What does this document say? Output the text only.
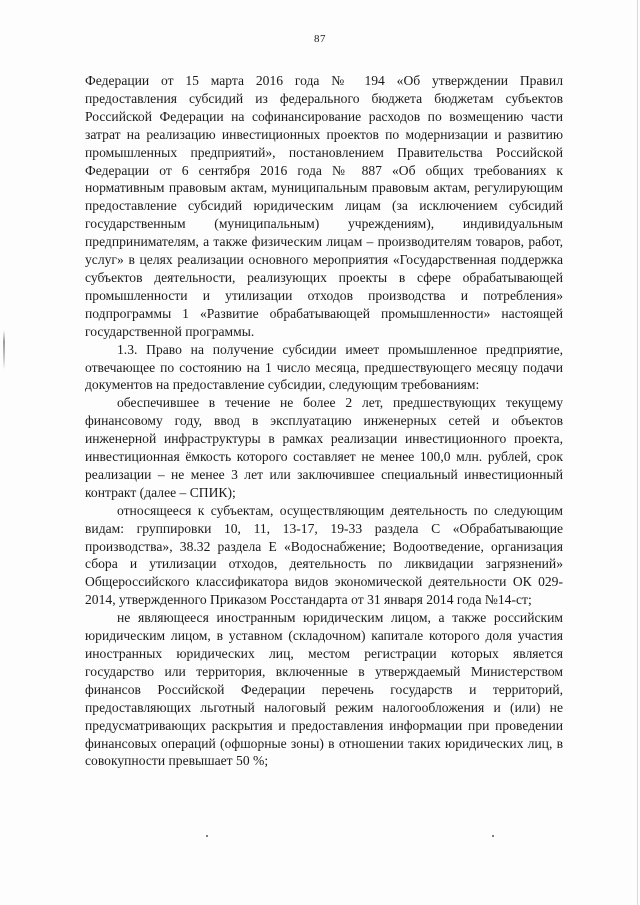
87

Федерации от 15 марта 2016 года № 194 «Об утверждении Правил предоставления субсидий из федерального бюджета бюджетам субъектов Российской Федерации на софинансирование расходов по возмещению части затрат на реализацию инвестиционных проектов по модернизации и развитию промышленных предприятий», постановлением Правительства Российской Федерации от 6 сентября 2016 года № 887 «Об общих требованиях к нормативным правовым актам, муниципальным правовым актам, регулирующим предоставление субсидий юридическим лицам (за исключением субсидий государственным (муниципальным) учреждениям), индивидуальным предпринимателям, а также физическим лицам – производителям товаров, работ, услуг» в целях реализации основного мероприятия «Государственная поддержка субъектов деятельности, реализующих проекты в сфере обрабатывающей промышленности и утилизации отходов производства и потребления» подпрограммы 1 «Развитие обрабатывающей промышленности» настоящей государственной программы.

1.3. Право на получение субсидии имеет промышленное предприятие, отвечающее по состоянию на 1 число месяца, предшествующего месяцу подачи документов на предоставление субсидии, следующим требованиям:

обеспечившее в течение не более 2 лет, предшествующих текущему финансовому году, ввод в эксплуатацию инженерных сетей и объектов инженерной инфраструктуры в рамках реализации инвестиционного проекта, инвестиционная ёмкость которого составляет не менее 100,0 млн. рублей, срок реализации – не менее 3 лет или заключившее специальный инвестиционный контракт (далее – СПИК);

относящееся к субъектам, осуществляющим деятельность по следующим видам: группировки 10, 11, 13-17, 19-33 раздела С «Обрабатывающие производства», 38.32 раздела Е «Водоснабжение; Водоотведение, организация сбора и утилизации отходов, деятельность по ликвидации загрязнений» Общероссийского классификатора видов экономической деятельности ОК 029-2014, утвержденного Приказом Росстандарта от 31 января 2014 года №14-ст;

не являющееся иностранным юридическим лицом, а также российским юридическим лицом, в уставном (складочном) капитале которого доля участия иностранных юридических лиц, местом регистрации которых является государство или территория, включенные в утверждаемый Министерством финансов Российской Федерации перечень государств и территорий, предоставляющих льготный налоговый режим налогообложения и (или) не предусматривающих раскрытия и предоставления информации при проведении финансовых операций (офшорные зоны) в отношении таких юридических лиц, в совокупности превышает 50 %;
